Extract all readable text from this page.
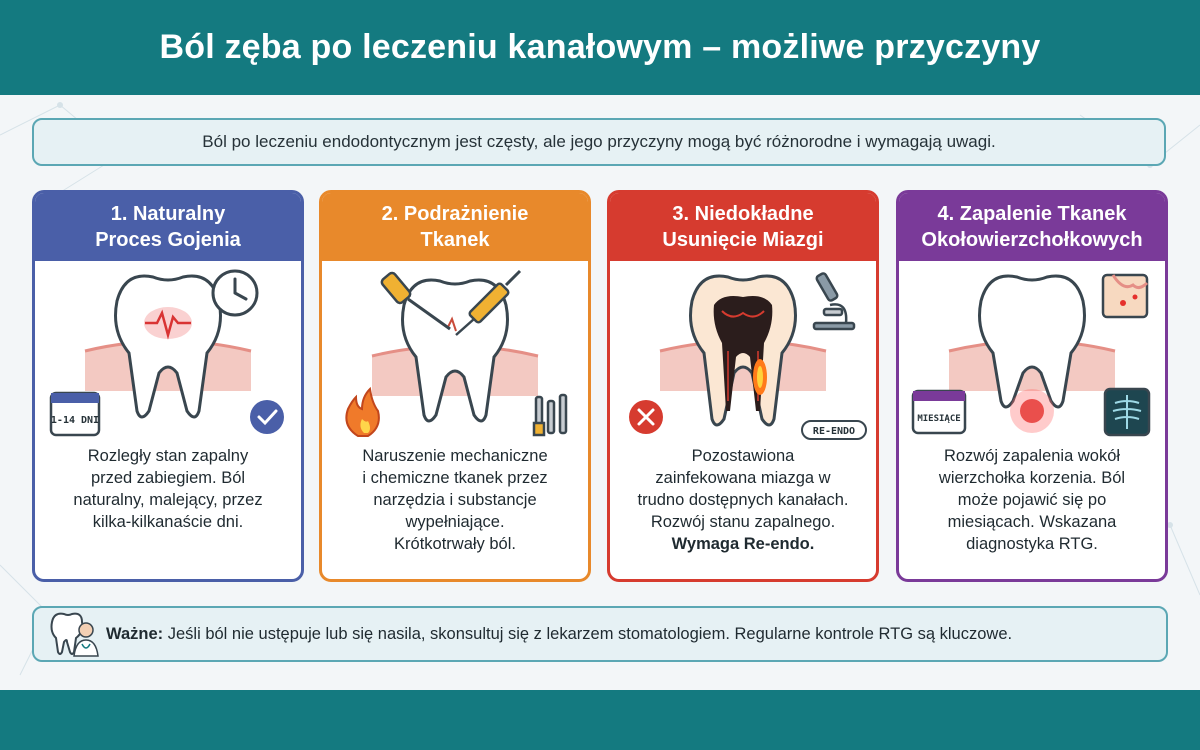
Ból zęba po leczeniu kanałowym – możliwe przyczyny
Ból po leczeniu endodontycznym jest częsty, ale jego przyczyny mogą być różnorodne i wymagają uwagi.
1. Naturalny
Proces Gojenia
1-14 DNI
Rozległy stan zapalny
przed zabiegiem. Ból
naturalny, malejący, przez
kilka-kilkanaście dni.
2. Podrażnienie
Tkanek
Naruszenie mechaniczne
i chemiczne tkanek przez
narzędzia i substancje
wypełniające.
Krótkotrwały ból.
3. Niedokładne
Usunięcie Miazgi
RE-ENDO
Pozostawiona
zainfekowana miazga w
trudno dostępnych kanałach.
Rozwój stanu zapalnego.
Wymaga Re-endo.
4. Zapalenie Tkanek
Okołowierzchołkowych
MIESIĄCE
Rozwój zapalenia wokół
wierzchołka korzenia. Ból
może pojawić się po
miesiącach. Wskazana
diagnostyka RTG.
Ważne: Jeśli ból nie ustępuje lub się nasila, skonsultuj się z lekarzem stomatologiem. Regularne kontrole RTG są kluczowe.
